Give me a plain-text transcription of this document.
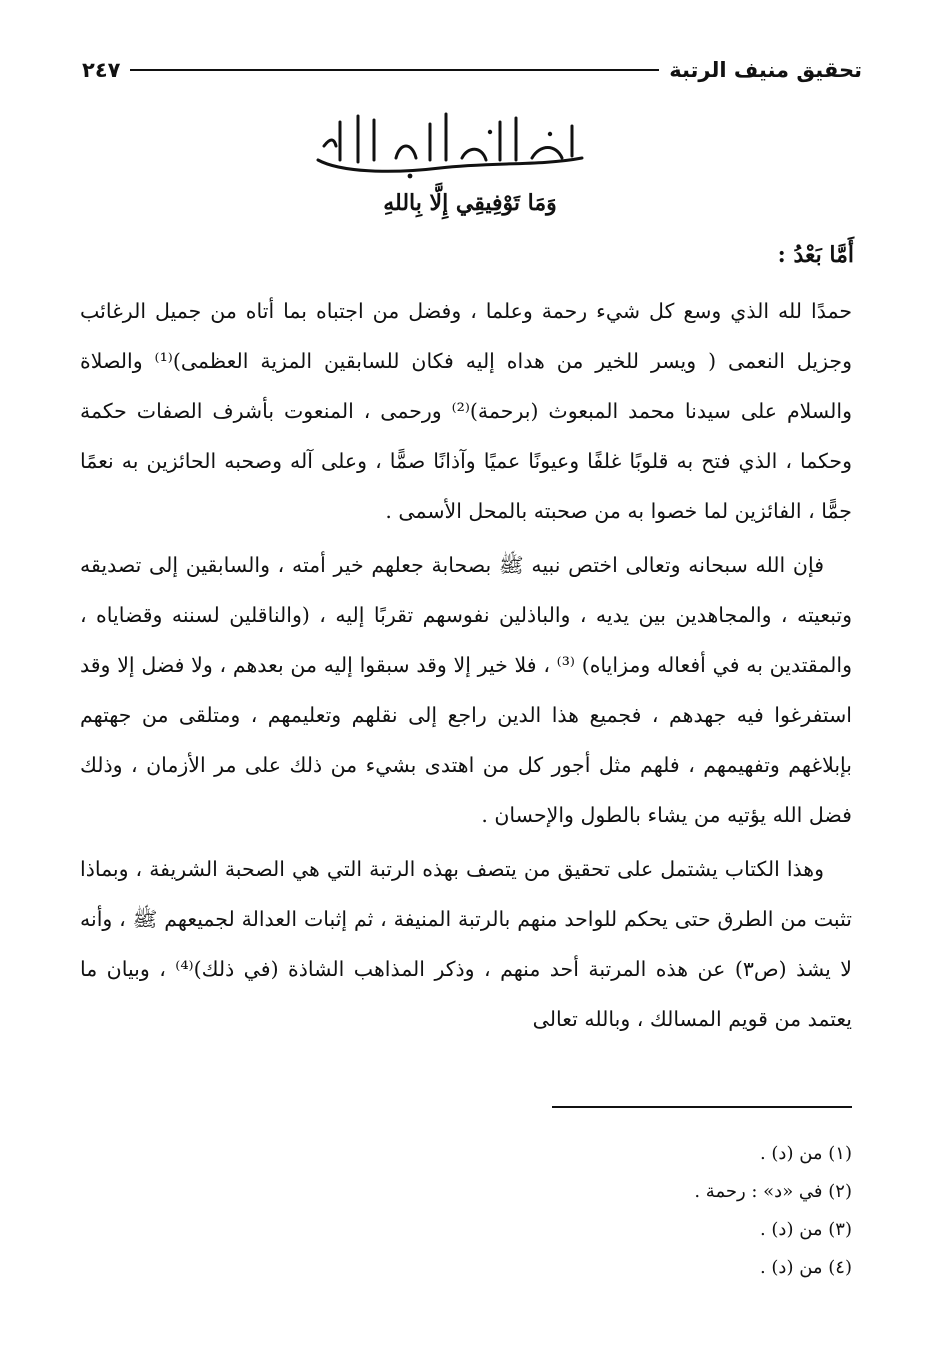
تحقيق منيف الرتبة
٢٤٧
بسم الله الرحمن الرحيم
وَمَا تَوْفِيقِي إِلَّا بِاللهِ
أَمَّا بَعْدُ :

حمدًا لله الذي وسع كل شيء رحمة وعلما ، وفضل من اجتباه بما أتاه من جميل الرغائب وجزيل النعمى ( ويسر للخير من هداه إليه فكان للسابقين المزية العظمى)⁽¹⁾ والصلاة والسلام على سيدنا محمد المبعوث (برحمة)⁽²⁾ ورحمى ، المنعوت بأشرف الصفات حكمة وحكما ، الذي فتح به قلوبًا غلفًا وعيونًا عميًا وآذانًا صمًّا ، وعلى آله وصحبه الحائزين به نعمًا جمًّا ، الفائزين لما خصوا به من صحبته بالمحل الأسمى .

فإن الله سبحانه وتعالى اختص نبيه ﷺ بصحابة جعلهم خير أمته ، والسابقين إلى تصديقه وتبعيته ، والمجاهدين بين يديه ، والباذلين نفوسهم تقربًا إليه ، (والناقلين لسننه وقضاياه ، والمقتدين به في أفعاله ومزاياه) ⁽³⁾ ، فلا خير إلا وقد سبقوا إليه من بعدهم ، ولا فضل إلا وقد استفرغوا فيه جهدهم ، فجميع هذا الدين راجع إلى نقلهم وتعليمهم ، ومتلقى من جهتهم بإبلاغهم وتفهيمهم ، فلهم مثل أجور كل من اهتدى بشيء من ذلك على مر الأزمان ، وذلك فضل الله يؤتيه من يشاء بالطول والإحسان .

وهذا الكتاب يشتمل على تحقيق من يتصف بهذه الرتبة التي هي الصحبة الشريفة ، وبماذا تثبت من الطرق حتى يحكم للواحد منهم بالرتبة المنيفة ، ثم إثبات العدالة لجميعهم ﷺ ، وأنه لا يشذ (ص٣) عن هذه المرتبة أحد منهم ، وذكر المذاهب الشاذة (في ذلك)⁽⁴⁾ ، وبيان ما يعتمد من قويم المسالك ، وبالله تعالى

(١) من (د) .
(٢) في «د» : رحمة .
(٣) من (د) .
(٤) من (د) .
